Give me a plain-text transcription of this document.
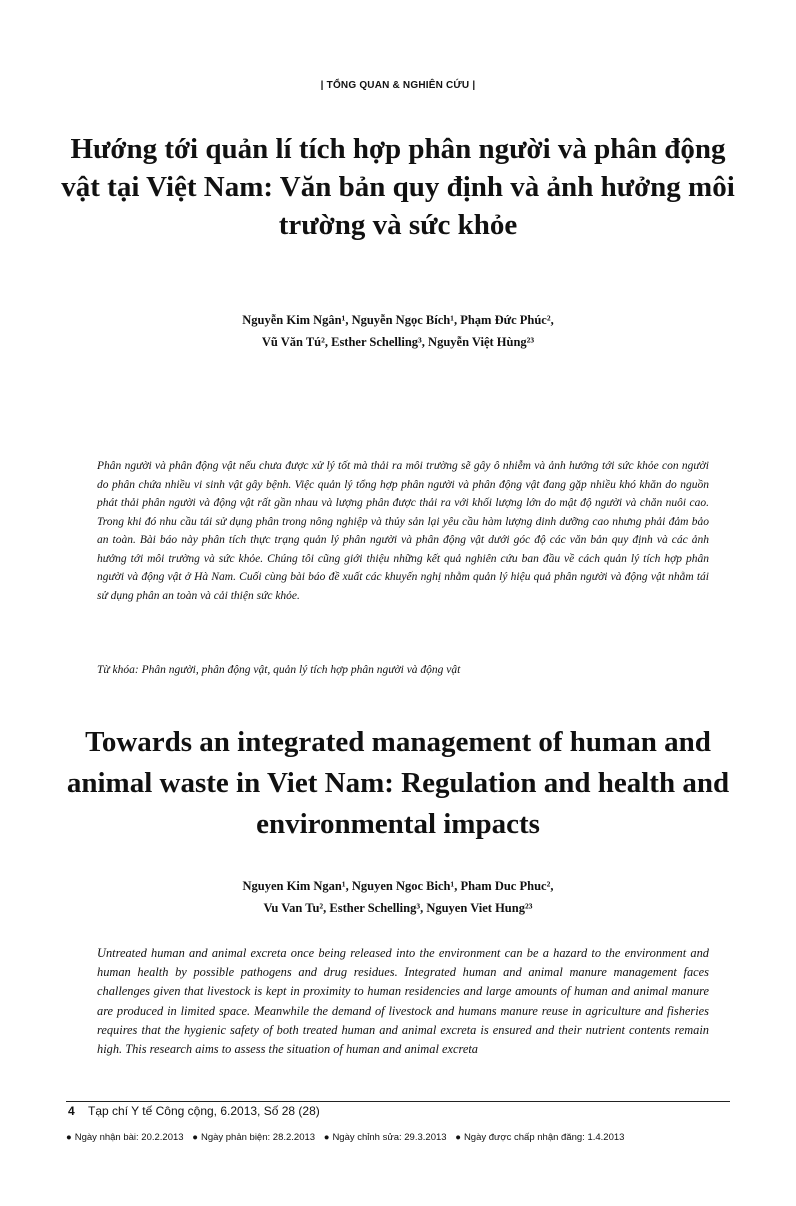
| TỔNG QUAN & NGHIÊN CỨU |
Hướng tới quản lí tích hợp phân người và phân động vật tại Việt Nam: Văn bản quy định và ảnh hưởng môi trường và sức khỏe
Nguyễn Kim Ngân¹, Nguyễn Ngọc Bích¹, Phạm Đức Phúc²,
Vũ Văn Tú², Esther Schelling³, Nguyễn Việt Hùng²³
Phân người và phân động vật nếu chưa được xử lý tốt mà thải ra môi trường sẽ gây ô nhiễm và ảnh hưởng tới sức khỏe con người do phân chứa nhiều vi sinh vật gây bệnh. Việc quản lý tổng hợp phân người và phân động vật đang gặp nhiều khó khăn do nguồn phát thải phân người và động vật rất gần nhau và lượng phân được thải ra với khối lượng lớn do mật độ người và chăn nuôi cao. Trong khi đó nhu cầu tái sử dụng phân trong nông nghiệp và thủy sản lại yêu cầu hàm lượng dinh dưỡng cao nhưng phải đảm bảo an toàn. Bài báo này phân tích thực trạng quản lý phân người và phân động vật dưới góc độ các văn bản quy định và các ảnh hưởng tới môi trường và sức khỏe. Chúng tôi cũng giới thiệu những kết quả nghiên cứu ban đầu về cách quản lý tích hợp phân người và động vật ở Hà Nam. Cuối cùng bài báo đề xuất các khuyến nghị nhằm quản lý hiệu quả phân người và động vật nhằm tái sử dụng phân an toàn và cải thiện sức khỏe.
Từ khóa: Phân người, phân động vật, quản lý tích hợp phân người và động vật
Towards an integrated management of human and animal waste in Viet Nam: Regulation and health and environmental impacts
Nguyen Kim Ngan¹, Nguyen Ngoc Bich¹, Pham Duc Phuc²,
Vu Van Tu², Esther Schelling³, Nguyen Viet Hung²³
Untreated human and animal excreta once being released into the environment can be a hazard to the environment and human health by possible pathogens and drug residues. Integrated human and animal manure management faces challenges given that livestock is kept in proximity to human residencies and large amounts of human and animal manure are produced in limited space. Meanwhile the demand of livestock and humans manure reuse in agriculture and fisheries requires that the hygienic safety of both treated human and animal excreta is ensured and their nutrient contents remain high. This research aims to assess the situation of human and animal excreta
4 Tạp chí Y tế Công cộng, 6.2013, Số 28 (28)
● Ngày nhận bài: 20.2.2013 ● Ngày phản biện: 28.2.2013 ● Ngày chỉnh sửa: 29.3.2013 ● Ngày được chấp nhận đăng: 1.4.2013
